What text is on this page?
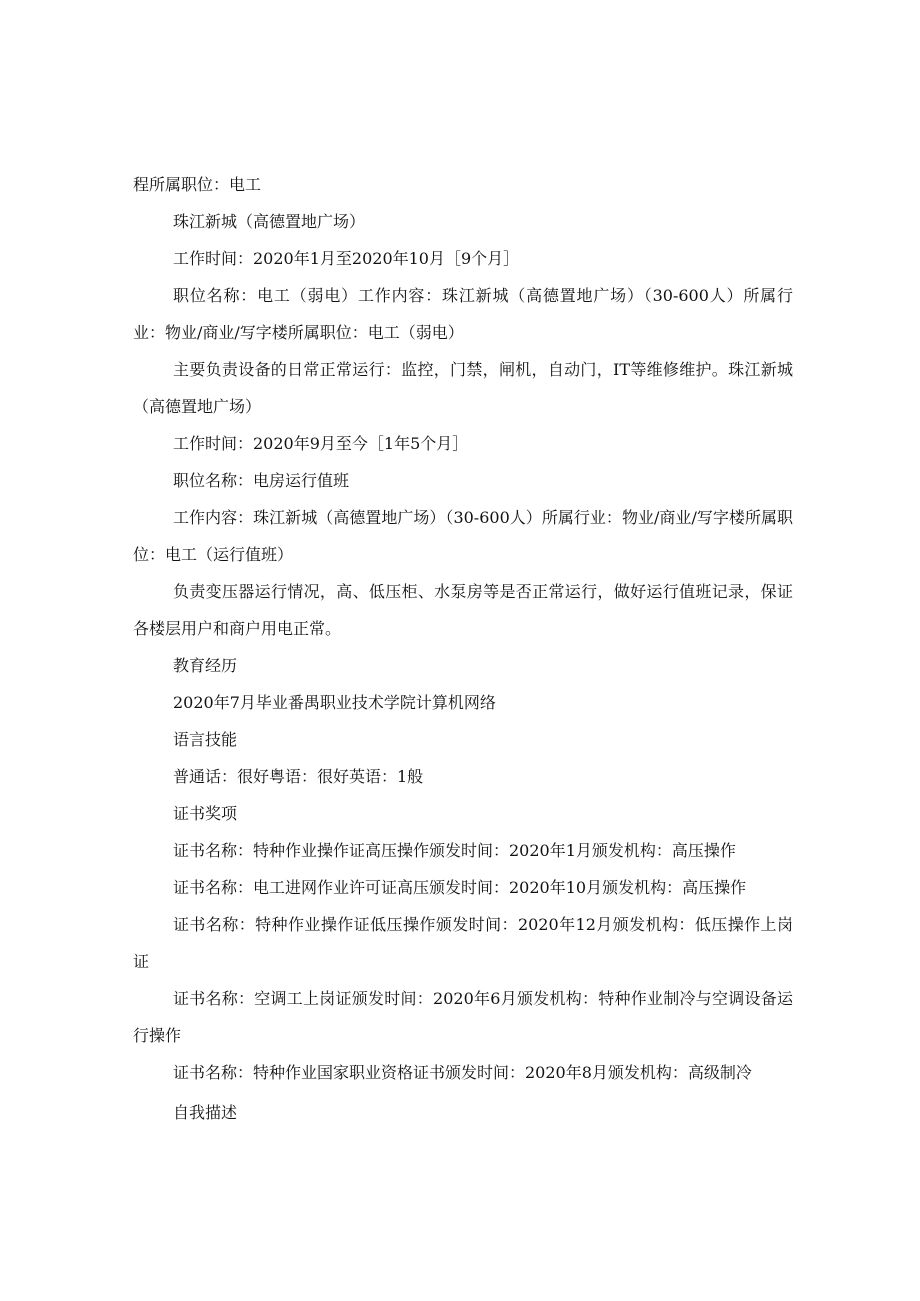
程所属职位：电工

珠江新城（高德置地广场）

工作时间：2020年1月至2020年10月［9个月］

职位名称：电工（弱电）工作内容：珠江新城（高德置地广场）（30-600人）所属行业：物业/商业/写字楼所属职位：电工（弱电）

主要负责设备的日常正常运行：监控，门禁，闸机，自动门，IT等维修维护。珠江新城（高德置地广场）

工作时间：2020年9月至今［1年5个月］

职位名称：电房运行值班

工作内容：珠江新城（高德置地广场）（30-600人）所属行业：物业/商业/写字楼所属职位：电工（运行值班）

负责变压器运行情况，高、低压柜、水泵房等是否正常运行，做好运行值班记录，保证各楼层用户和商户用电正常。

教育经历

2020年7月毕业番禺职业技术学院计算机网络

语言技能

普通话：很好粤语：很好英语：1般

证书奖项

证书名称：特种作业操作证高压操作颁发时间：2020年1月颁发机构：高压操作

证书名称：电工进网作业许可证高压颁发时间：2020年10月颁发机构：高压操作

证书名称：特种作业操作证低压操作颁发时间：2020年12月颁发机构：低压操作上岗证

证书名称：空调工上岗证颁发时间：2020年6月颁发机构：特种作业制冷与空调设备运行操作

证书名称：特种作业国家职业资格证书颁发时间：2020年8月颁发机构：高级制冷

自我描述
